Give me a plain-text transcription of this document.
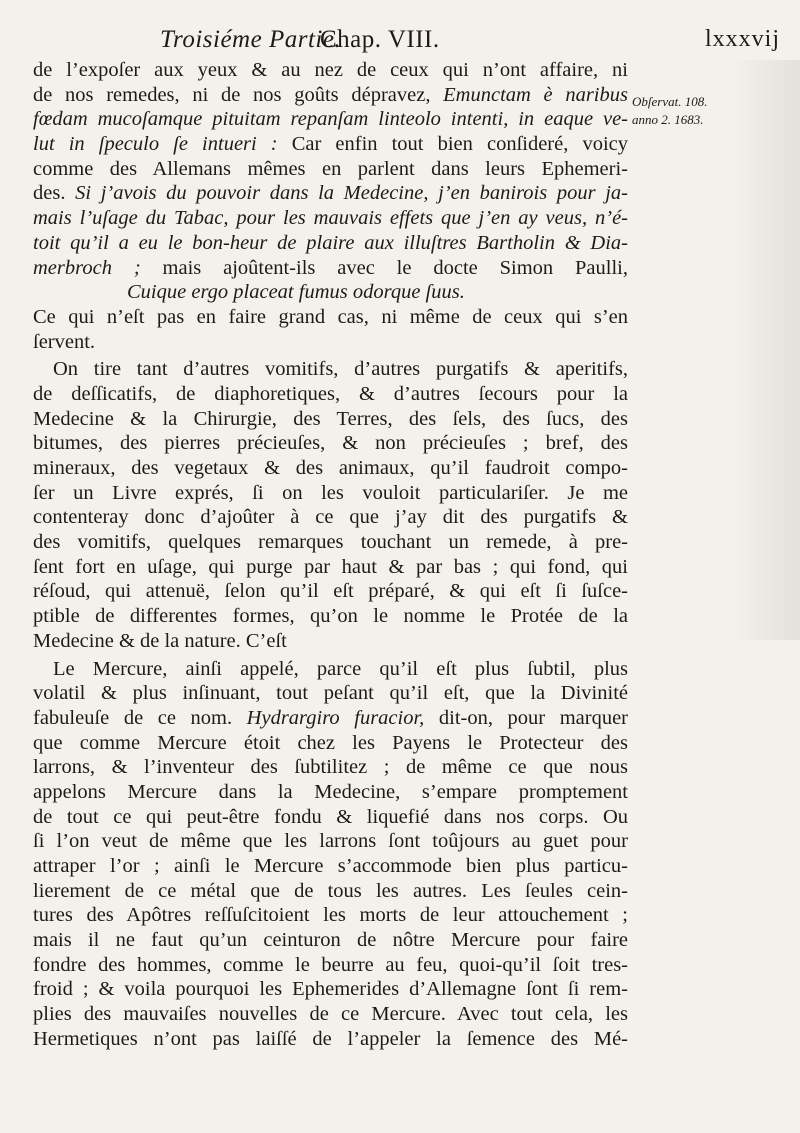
Troisiéme Partie.
Chap. VIII.	lxxxvij
Obſervat. 108.
anno 2. 1683.
de l’expoſer aux yeux & au nez de ceux qui n’ont affaire, ni
de nos remedes, ni de nos goûts dépravez, Emunctam è naribus
fœdam mucoſamque pituitam repanſam linteolo intenti, in eaque ve-
lut in ſpeculo ſe intueri : Car enfin tout bien conſideré, voicy
comme des Allemans mêmes en parlent dans leurs Ephemeri-
des. Si j’avois du pouvoir dans la Medecine, j’en banirois pour ja-
mais l’uſage du Tabac, pour les mauvais effets que j’en ay veus, n’é-
toit qu’il a eu le bon-heur de plaire aux illuſtres Bartholin & Dia-
merbroch ; mais ajoûtent-ils avec le docte Simon Paulli,
Cuique ergo placeat fumus odorque ſuus.
Ce qui n’eſt pas en faire grand cas, ni même de ceux qui s’en
ſervent.
On tire tant d’autres vomitifs, d’autres purgatifs & aperitifs,
de deſſicatifs, de diaphoretiques, & d’autres ſecours pour la
Medecine & la Chirurgie, des Terres, des ſels, des ſucs, des
bitumes, des pierres précieuſes, & non précieuſes ; bref, des
mineraux, des vegetaux & des animaux, qu’il faudroit compo-
ſer un Livre exprés, ſi on les vouloit particulariſer. Je me
contenteray donc d’ajoûter à ce que j’ay dit des purgatifs &
des vomitifs, quelques remarques touchant un remede, à pre-
ſent fort en uſage, qui purge par haut & par bas ; qui fond, qui
réſoud, qui attenuë, ſelon qu’il eſt préparé, & qui eſt ſi ſuſce-
ptible de differentes formes, qu’on le nomme le Protée de la
Medecine & de la nature. C’eſt
Le Mercure, ainſi appelé, parce qu’il eſt plus ſubtil, plus
volatil & plus inſinuant, tout peſant qu’il eſt, que la Divinité
fabuleuſe de ce nom. Hydrargiro furacior, dit-on, pour marquer
que comme Mercure étoit chez les Payens le Protecteur des
larrons, & l’inventeur des ſubtilitez ; de même ce que nous
appelons Mercure dans la Medecine, s’empare promptement
de tout ce qui peut-être fondu & liquefié dans nos corps. Ou
ſi l’on veut de même que les larrons ſont toûjours au guet pour
attraper l’or ; ainſi le Mercure s’accommode bien plus particu-
lierement de ce métal que de tous les autres. Les ſeules cein-
tures des Apôtres reſſuſcitoient les morts de leur attouchement ;
mais il ne faut qu’un ceinturon de nôtre Mercure pour faire
fondre des hommes, comme le beurre au feu, quoi-qu’il ſoit tres-
froid ; & voila pourquoi les Ephemerides d’Allemagne ſont ſi rem-
plies des mauvaiſes nouvelles de ce Mercure. Avec tout cela, les
Hermetiques n’ont pas laiſſé de l’appeler la ſemence des Mé-
